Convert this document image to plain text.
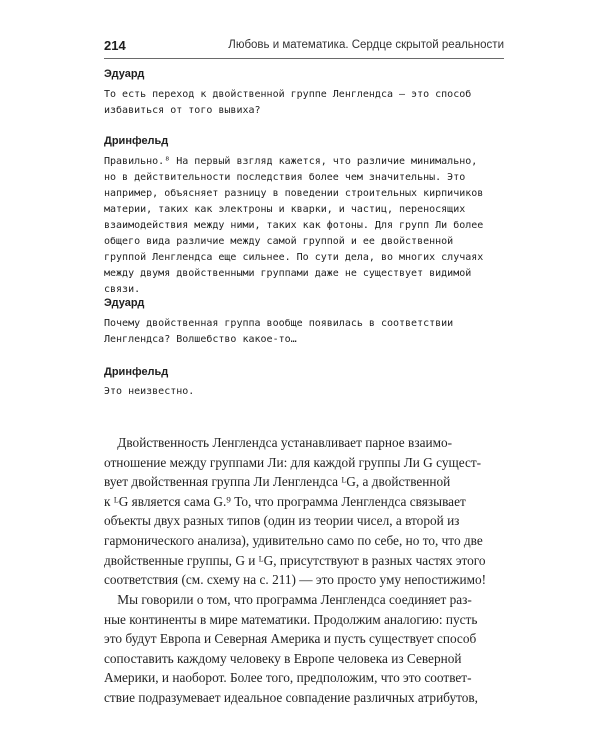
214	Любовь и математика. Сердце скрытой реальности
Эдуард

То есть переход к двойственной группе Ленглендса — это способ
избавиться от того вывиха?

Дринфельд

Правильно.⁸ На первый взгляд кажется, что различие минимально,
но в действительности последствия более чем значительны. Это
например, объясняет разницу в поведении строительных кирпичиков
материи, таких как электроны и кварки, и частиц, переносящих
взаимодействия между ними, таких как фотоны. Для групп Ли более
общего вида различие между самой группой и ее двойственной
группой Ленглендса еще сильнее. По сути дела, во многих случаях
между двумя двойственными группами даже не существует видимой
связи.

Эдуард

Почему двойственная группа вообще появилась в соответствии
Ленглендса? Волшебство какое-то…

Дринфельд

Это неизвестно.

Двойственность Ленглендса устанавливает парное взаимо-
отношение между группами Ли: для каждой группы Ли G сущест-
вует двойственная группа Ли Ленглендса ᴸG, а двойственной
к ᴸG является сама G.⁹ То, что программа Ленглендса связывает
объекты двух разных типов (один из теории чисел, а второй из
гармонического анализа), удивительно само по себе, но то, что две
двойственные группы, G и ᴸG, присутствуют в разных частях этого
соответствия (см. схему на с. 211) — это просто уму непостижимо!

Мы говорили о том, что программа Ленглендса соединяет раз-
ные континенты в мире математики. Продолжим аналогию: пусть
это будут Европа и Северная Америка и пусть существует способ
сопоставить каждому человеку в Европе человека из Северной
Америки, и наоборот. Более того, предположим, что это соответ-
ствие подразумевает идеальное совпадение различных атрибутов,
